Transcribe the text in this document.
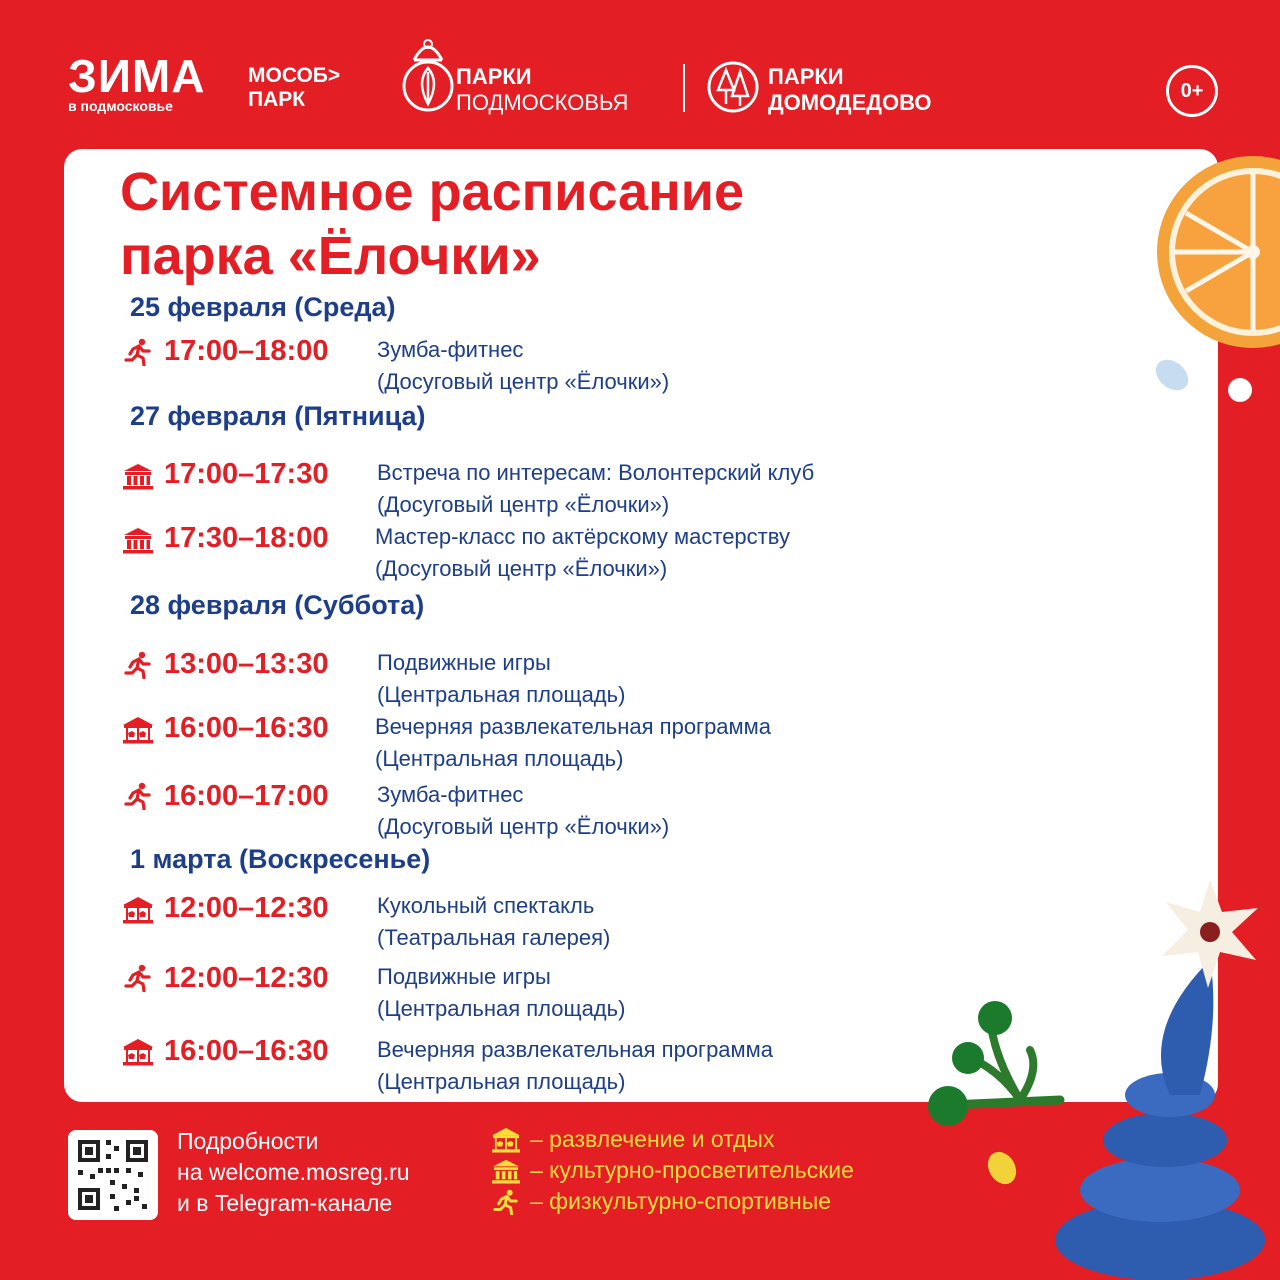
ЗИМА
в подмосковье
МОСОБ>
ПАРК
ПАРКИ
ПОДМОСКОВЬЯ
ПАРКИ
ДОМОДЕДОВО	0+
Системное расписание
парка «Ёлочки»
25 февраля (Среда)
17:00–18:00 Зумба-фитнес
(Досуговый центр «Ёлочки»)
27 февраля (Пятница)
17:00–17:30 Встреча по интересам: Волонтерский клуб
(Досуговый центр «Ёлочки»)
17:30–18:00 Мастер-класс по актёрскому мастерству
(Досуговый центр «Ёлочки»)
28 февраля (Суббота)
13:00–13:30 Подвижные игры
(Центральная площадь)
16:00–16:30 Вечерняя развлекательная программа
(Центральная площадь)
16:00–17:00 Зумба-фитнес
(Досуговый центр «Ёлочки»)
1 марта (Воскресенье)
12:00–12:30 Кукольный спектакль
(Театральная галерея)
12:00–12:30 Подвижные игры
(Центральная площадь)
16:00–16:30 Вечерняя развлекательная программа
(Центральная площадь)
Подробности
на welcome.mosreg.ru
и в Telegram-канале
– развлечение и отдых
– культурно-просветительские
– физкультурно-спортивные
